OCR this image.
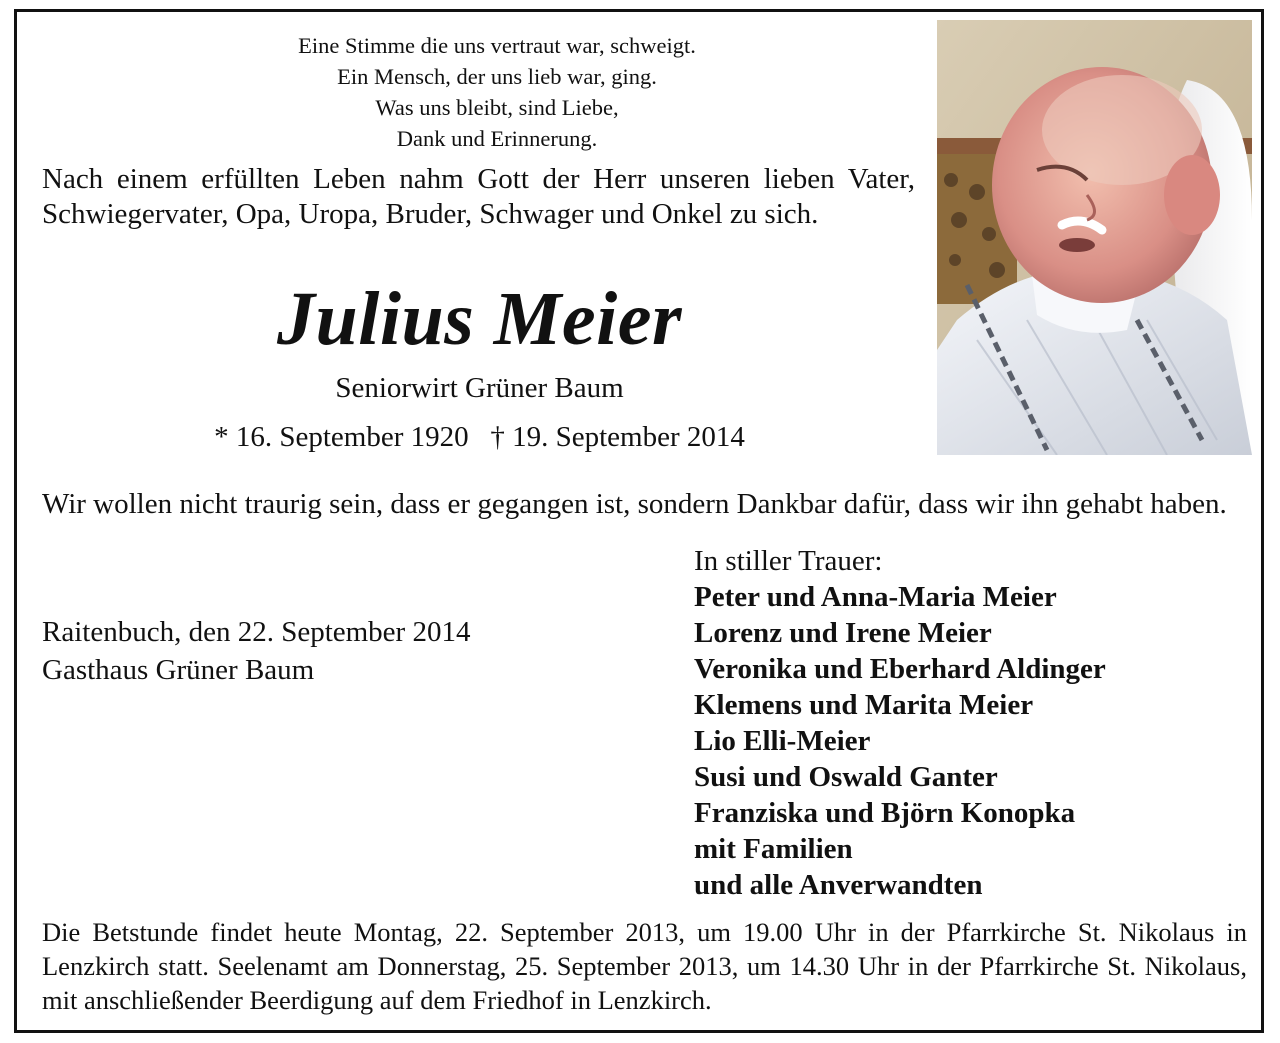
Eine Stimme die uns vertraut war, schweigt.
Ein Mensch, der uns lieb war, ging.
Was uns bleibt, sind Liebe,
Dank und Erinnerung.
Nach einem erfüllten Leben nahm Gott der Herr unseren lieben Vater, Schwiegervater, Opa, Uropa, Bruder, Schwager und Onkel zu sich.
Julius Meier
Seniorwirt Grüner Baum
* 16. September 1920 † 19. September 2014
Wir wollen nicht traurig sein, dass er gegangen ist, sondern Dankbar dafür, dass wir ihn gehabt haben.
Raitenbuch, den 22. September 2014
Gasthaus Grüner Baum
In stiller Trauer:
Peter und Anna-Maria Meier
Lorenz und Irene Meier
Veronika und Eberhard Aldinger
Klemens und Marita Meier
Lio Elli-Meier
Susi und Oswald Ganter
Franziska und Björn Konopka
mit Familien
und alle Anverwandten
Die Betstunde findet heute Montag, 22. September 2013, um 19.00 Uhr in der Pfarrkirche St. Nikolaus in Lenzkirch statt. Seelenamt am Donnerstag, 25. September 2013, um 14.30 Uhr in der Pfarrkirche St. Nikolaus, mit anschließender Beerdigung auf dem Friedhof in Lenzkirch.
